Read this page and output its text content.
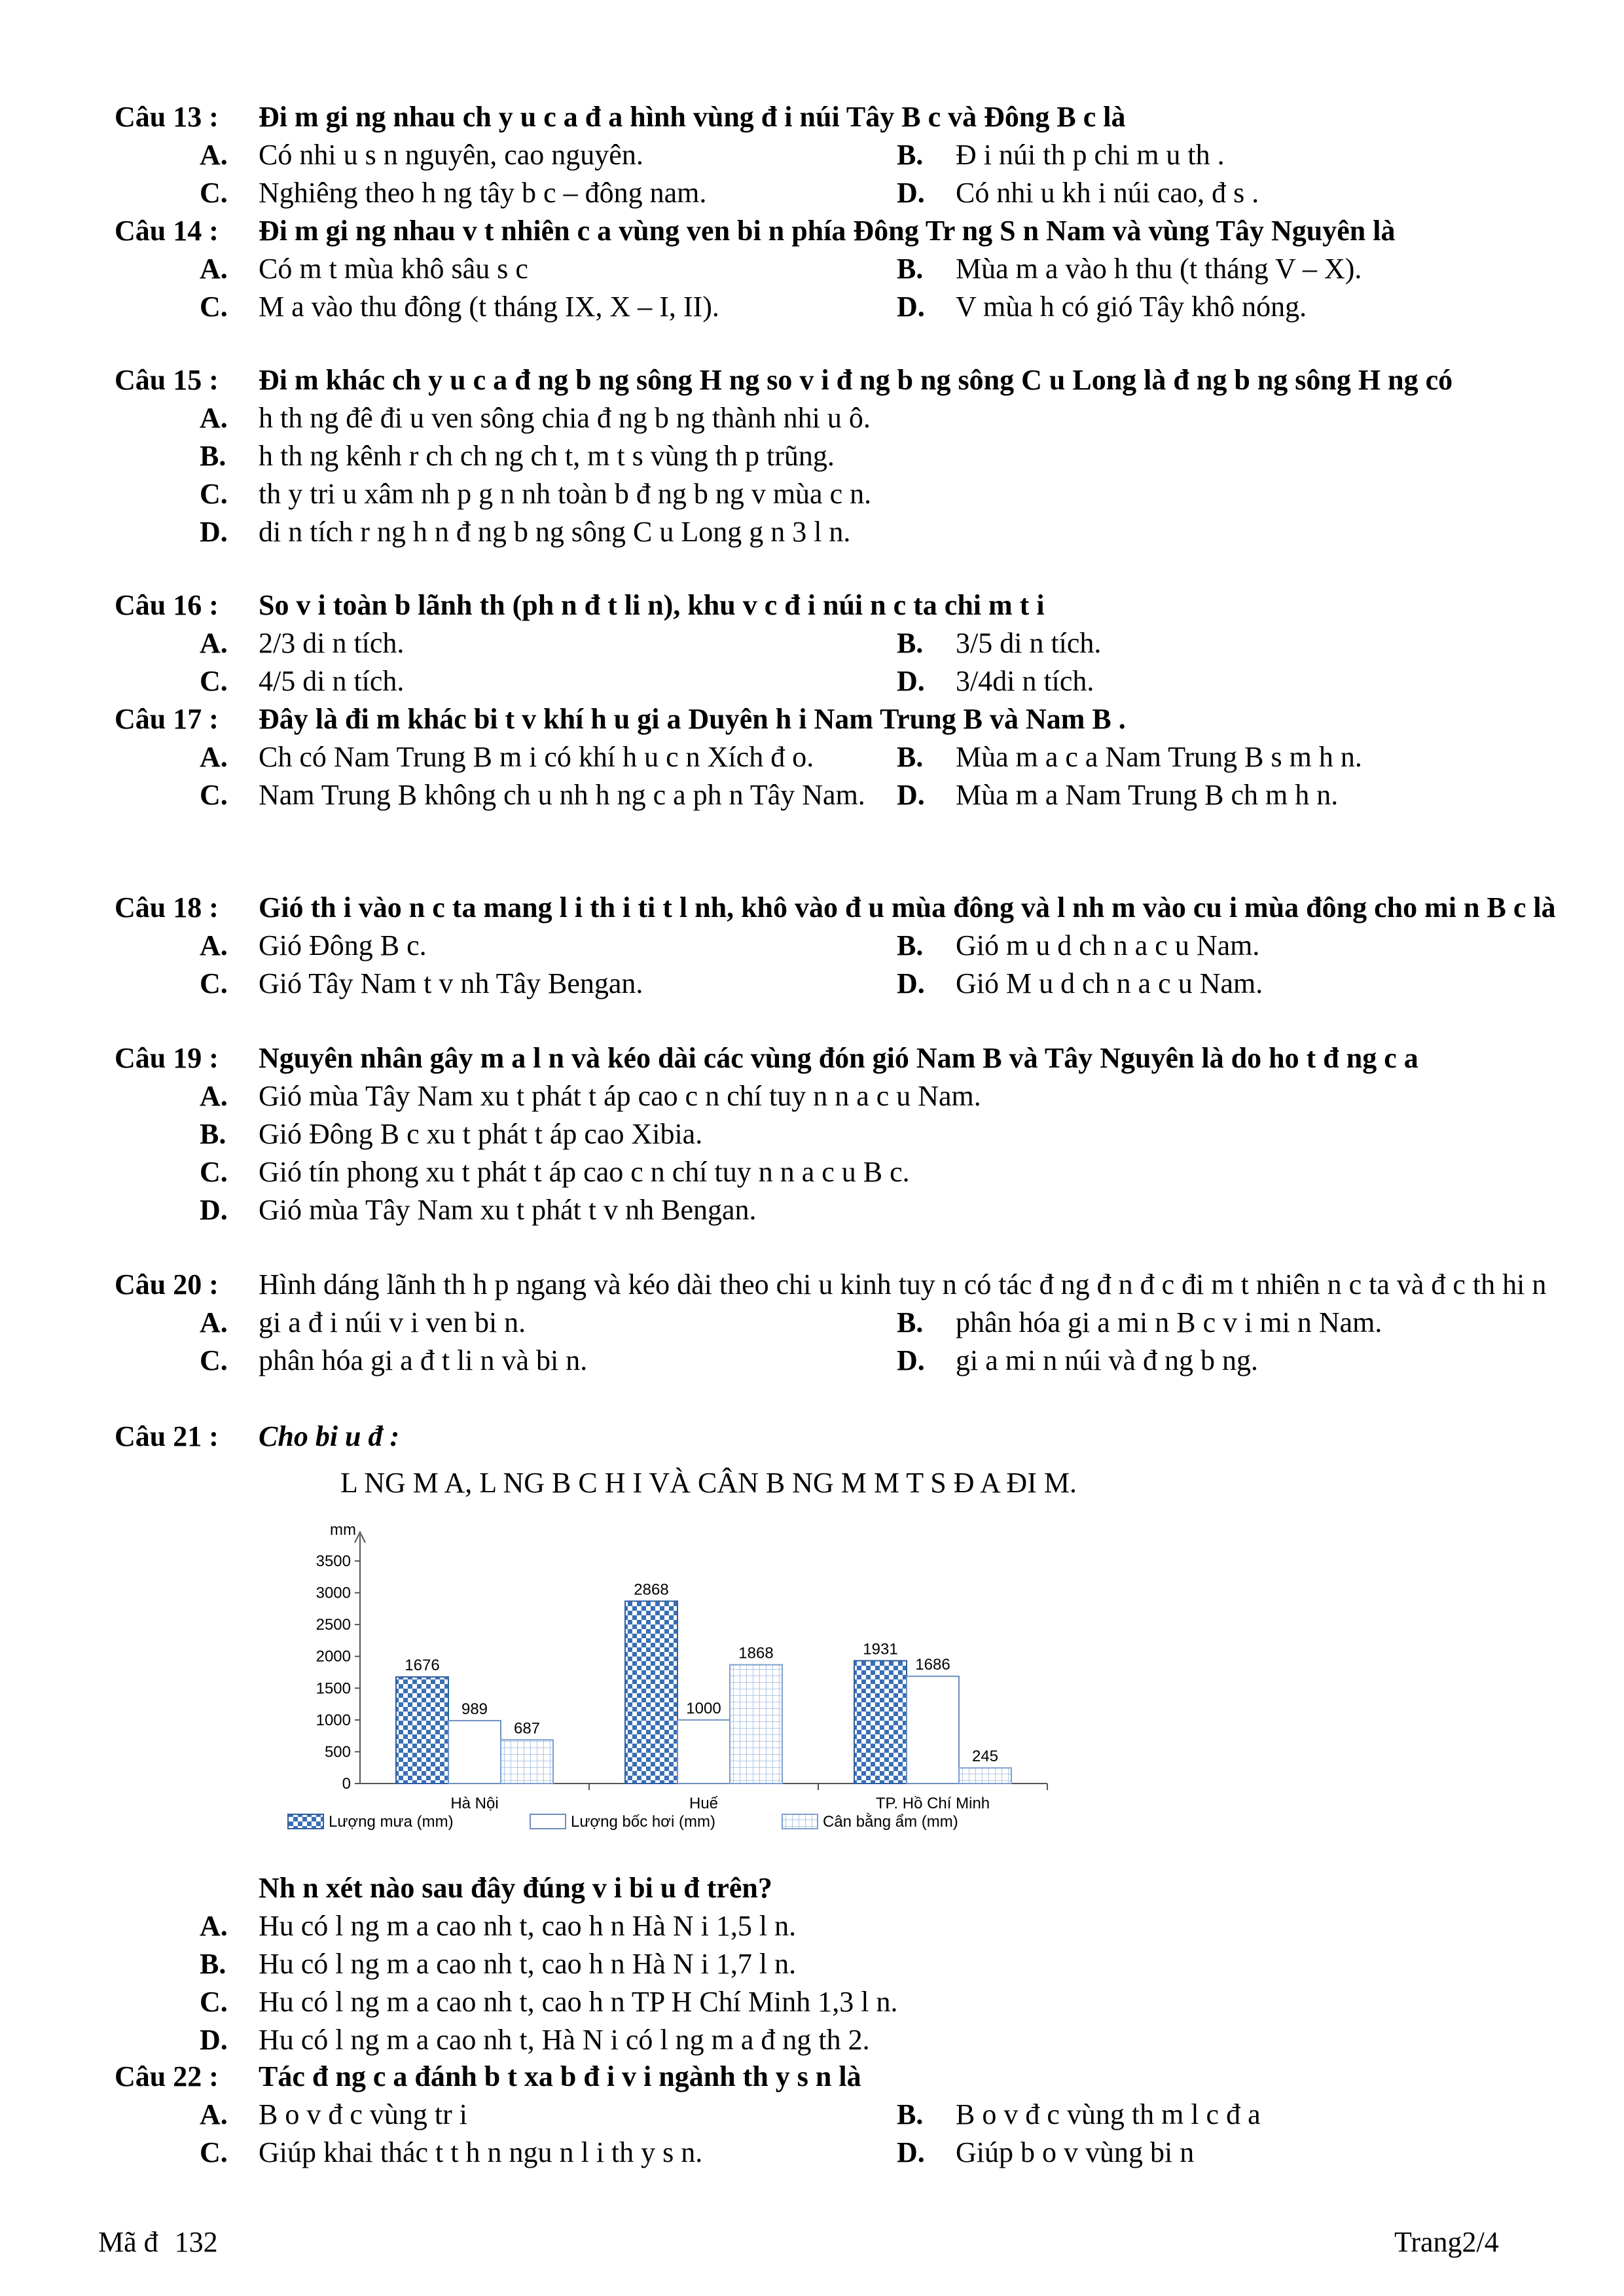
Câu 13 : Đi m gi ng nhau ch y u c a đ a hình vùng đ i núi Tây B c và Đông B c là
A.	Có nhi u s n nguyên, cao nguyên.	B.	Đ i núi th p chi m u th .
C.	Nghiêng theo h ng tây b c – đông nam.	D.	Có nhi u kh i núi cao, đ s .
Câu 14 : Đi m gi ng nhau v t nhiên c a vùng ven bi n phía Đông Tr ng S n Nam và vùng Tây Nguyên là
A.	Có m t mùa khô sâu s c	B.	Mùa m a vào h thu (t tháng V – X).
C.	M a vào thu đông (t tháng IX, X – I, II).	D.	V mùa h có gió Tây khô nóng.
Câu 15 : Đi m khác ch y u c a đ ng b ng sông H ng so v i đ ng b ng sông C u Long là đ ng b ng sông H ng có
A.	h th ng đê đi u ven sông chia đ ng b ng thành nhi u ô.
B.	h th ng kênh r ch ch ng ch t, m t s vùng th p trũng.
C.	th y tri u xâm nh p g n nh toàn b đ ng b ng v mùa c n.
D.	di n tích r ng h n đ ng b ng sông C u Long g n 3 l n.
Câu 16 : So v i toàn b lãnh th (ph n đ t li n), khu v c đ i núi n c ta chi m t i
A.	2/3 di n tích.	B.	3/5 di n tích.
C.	4/5 di n tích.	D.	3/4di n tích.
Câu 17 : Đây là đi m khác bi t v khí h u gi a Duyên h i Nam Trung B và Nam B .
A.	Ch có Nam Trung B m i có khí h u c n Xích đ o.	B.	Mùa m a c a Nam Trung B s m h n.
C.	Nam Trung B không ch u nh h ng c a ph n Tây Nam.	D.	Mùa m a Nam Trung B ch m h n.
Câu 18 : Gió th i vào n c ta mang l i th i ti t l nh, khô vào đ u mùa đông và l nh m vào cu i mùa đông cho mi n B c là
A.	Gió Đông B c.	B.	Gió m u d ch n a c u Nam.
C.	Gió Tây Nam t v nh Tây Bengan.	D.	Gió M u d ch n a c u Nam.
Câu 19 : Nguyên nhân gây m a l n và kéo dài các vùng đón gió Nam B và Tây Nguyên là do ho t đ ng c a
A.	Gió mùa Tây Nam xu t phát t áp cao c n chí tuy n n a c u Nam.
B.	Gió Đông B c xu t phát t áp cao Xibia.
C.	Gió tín phong xu t phát t áp cao c n chí tuy n n a c u B c.
D.	Gió mùa Tây Nam xu t phát t v nh Bengan.
Câu 20 : Hình dáng lãnh th h p ngang và kéo dài theo chi u kinh tuy n có tác đ ng đ n đ c đi m t nhiên n c ta và đ c th hi n
A.	gi a đ i núi v i ven bi n.	B.	phân hóa gi a mi n B c v i mi n Nam.
C.	phân hóa gi a đ t li n và bi n.	D.	gi a mi n núi và đ ng b ng.
Câu 21 : Cho bi u đ :
L NG M A, L NG B C H I VÀ CÂN B NG M M T S Đ A ĐI M.
mm
0
500
1000
1500
2000
2500
3000
3500
1676
989
687
Hà Nội
2868
1000
1868
Huế
1931
1686
245
TP. Hồ Chí Minh
Lượng mưa (mm)	Lượng bốc hơi (mm)	Cân bằng ẩm (mm)
Nh n xét nào sau đây đúng v i bi u đ trên?
A.	Hu có l ng m a cao nh t, cao h n Hà N i 1,5 l n.
B.	Hu có l ng m a cao nh t, cao h n Hà N i 1,7 l n.
C.	Hu có l ng m a cao nh t, cao h n TP H Chí Minh 1,3 l n.
D.	Hu có l ng m a cao nh t, Hà N i có l ng m a đ ng th 2.
Câu 22 : Tác đ ng c a đánh b t xa b đ i v i ngành th y s n là
A.	B o v đ c vùng tr i	B.	B o v đ c vùng th m l c đ a
C.	Giúp khai thác t t h n ngu n l i th y s n.	D.	Giúp b o v vùng bi n
Mã đ 132	Trang2/4
